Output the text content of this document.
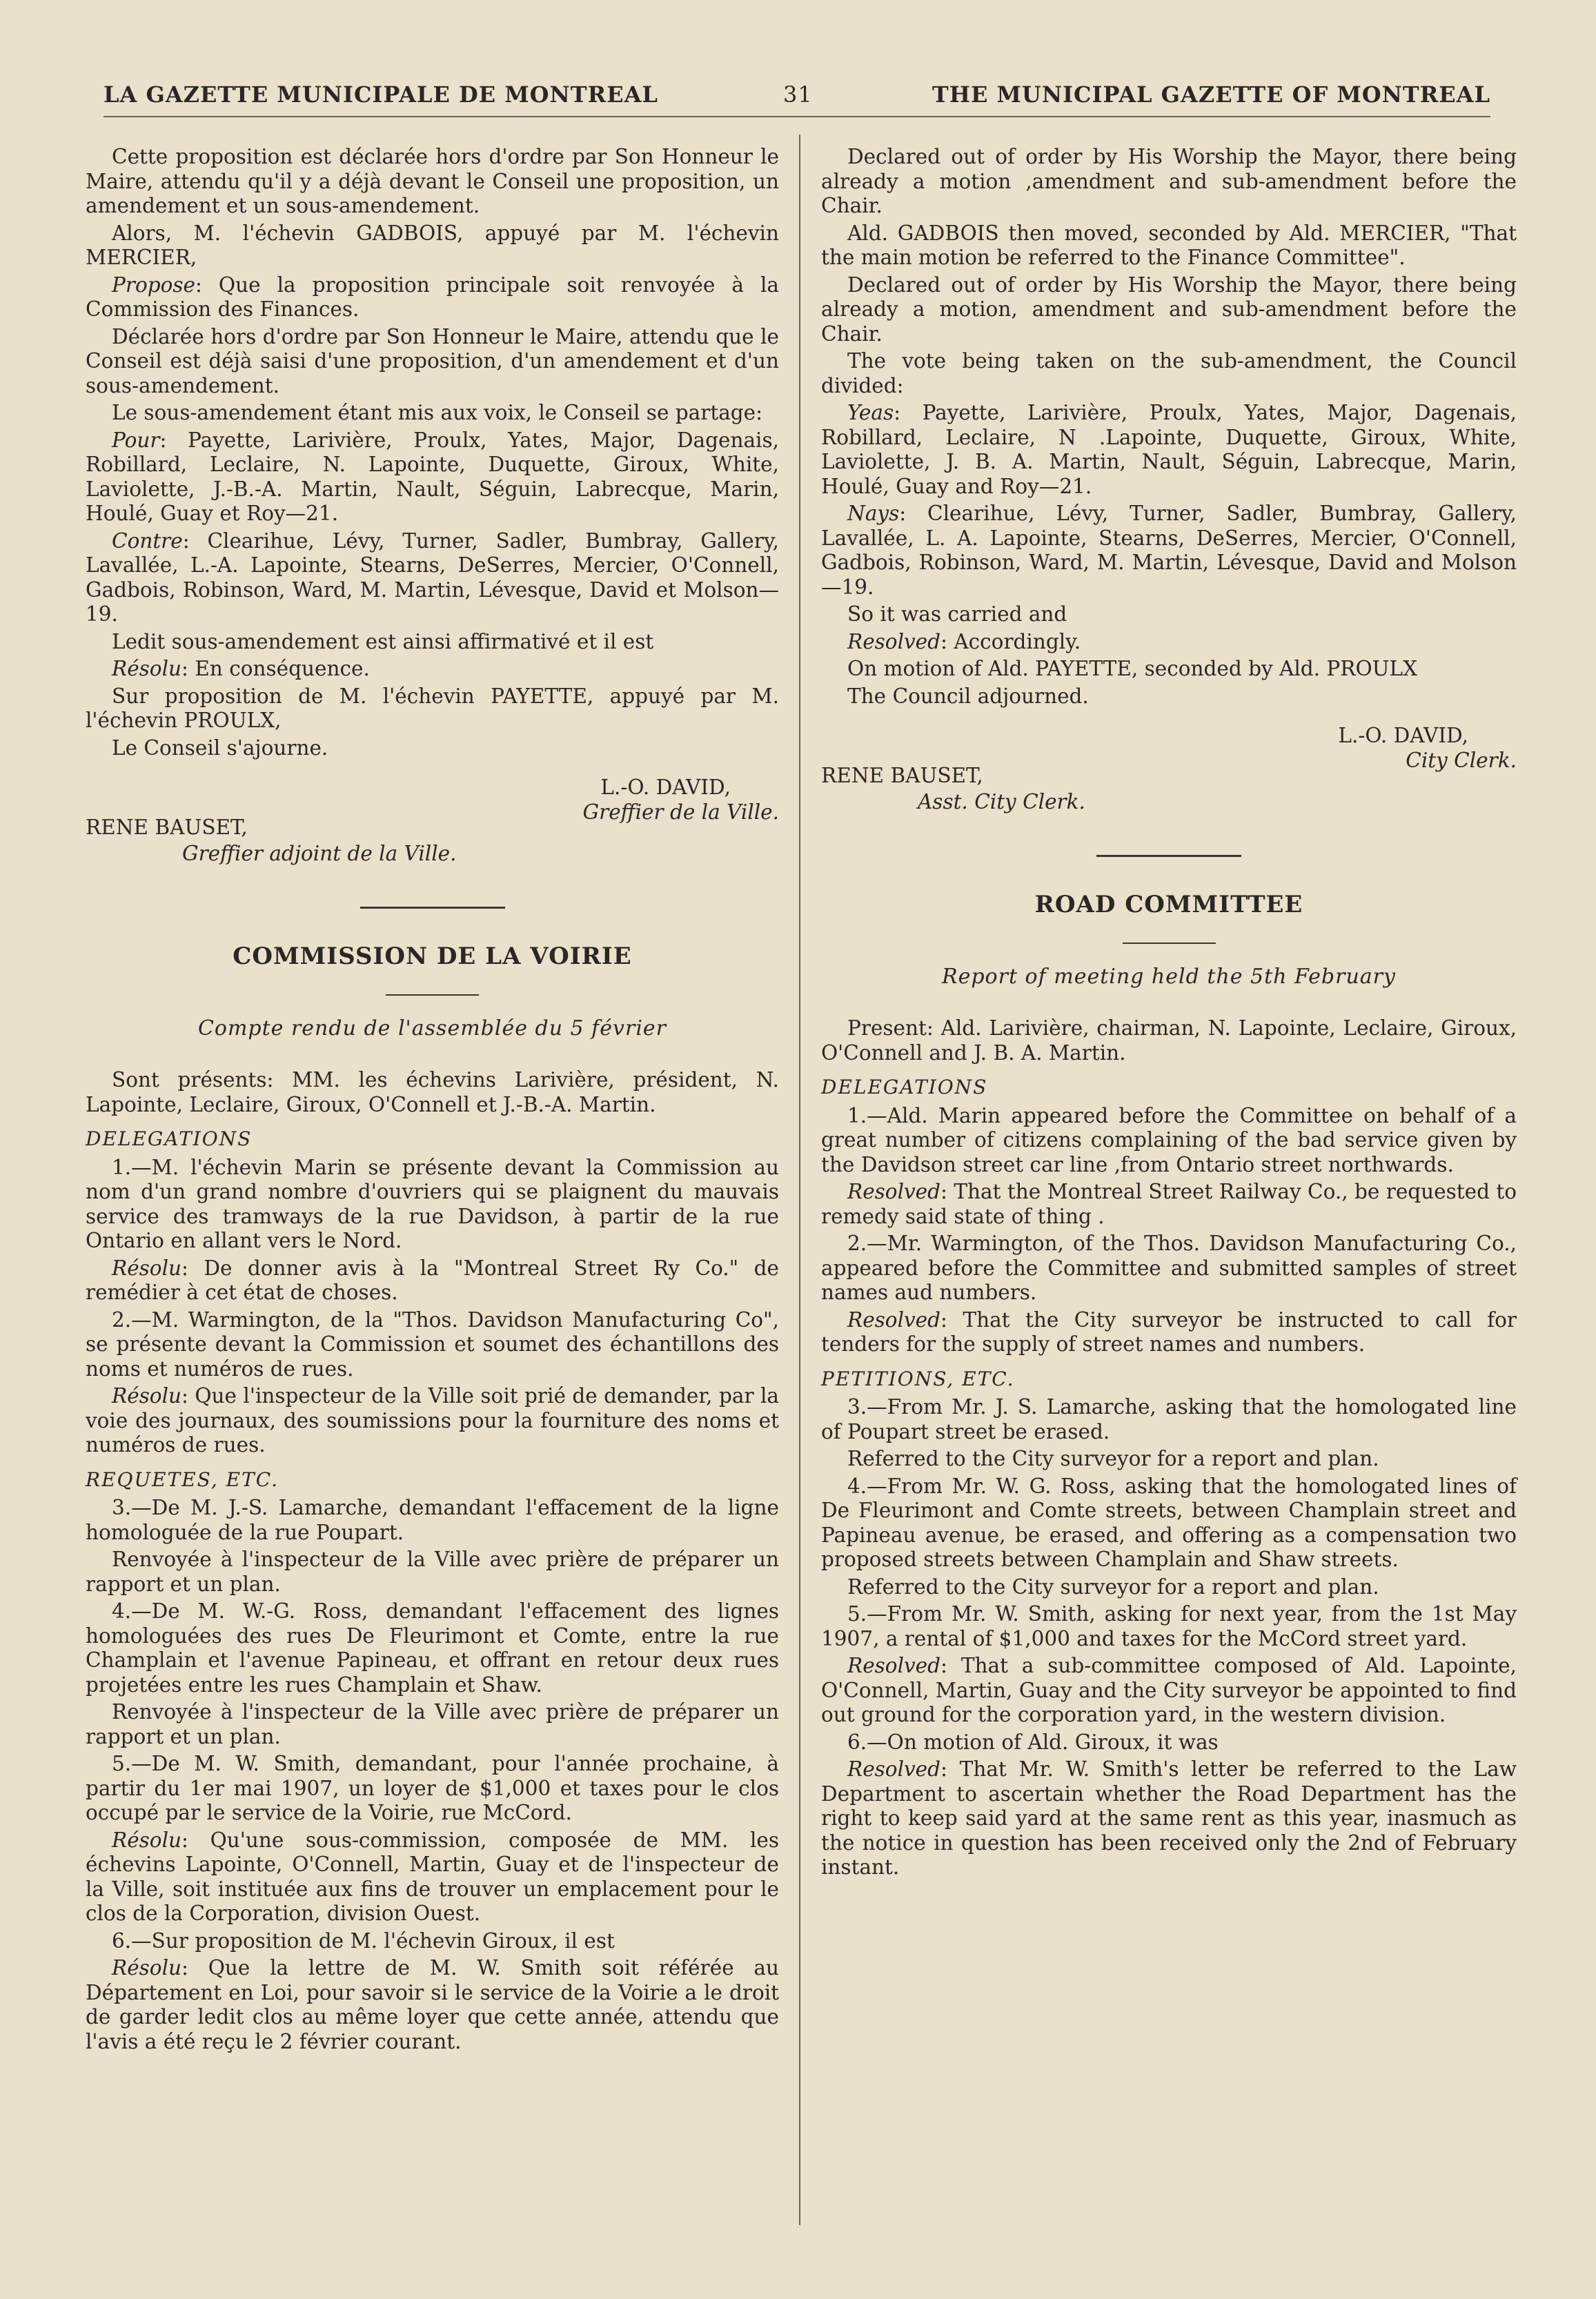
LA GAZETTE MUNICIPALE DE MONTREAL	31	THE MUNICIPAL GAZETTE OF MONTREAL

Cette proposition est déclarée hors d'ordre par Son Honneur le Maire, attendu qu'il y a déjà devant le Conseil une proposition, un amendement et un sous-amendement.

Alors, M. l'échevin GADBOIS, appuyé par M. l'échevin MERCIER,

Propose: Que la proposition principale soit renvoyée à la Commission des Finances.

Déclarée hors d'ordre par Son Honneur le Maire, attendu que le Conseil est déjà saisi d'une proposition, d'un amendement et d'un sous-amendement.

Le sous-amendement étant mis aux voix, le Conseil se partage:

Pour: Payette, Larivière, Proulx, Yates, Major, Dagenais, Robillard, Leclaire, N. Lapointe, Duquette, Giroux, White, Laviolette, J.-B.-A. Martin, Nault, Séguin, Labrecque, Marin, Houlé, Guay et Roy—21.

Contre: Clearihue, Lévy, Turner, Sadler, Bumbray, Gallery, Lavallée, L.-A. Lapointe, Stearns, DeSerres, Mercier, O'Connell, Gadbois, Robinson, Ward, M. Martin, Lévesque, David et Molson—19.

Ledit sous-amendement est ainsi affirmativé et il est

Résolu: En conséquence.

Sur proposition de M. l'échevin PAYETTE, appuyé par M. l'échevin PROULX,

Le Conseil s'ajourne.

L.-O. DAVID,
Greffier de la Ville.
RENE BAUSET,
Greffier adjoint de la Ville.
COMMISSION DE LA VOIRIE
Compte rendu de l'assemblée du 5 février

Sont présents: MM. les échevins Larivière, président, N. Lapointe, Leclaire, Giroux, O'Connell et J.-B.-A. Martin.

DELEGATIONS

1.—M. l'échevin Marin se présente devant la Commission au nom d'un grand nombre d'ouvriers qui se plaignent du mauvais service des tramways de la rue Davidson, à partir de la rue Ontario en allant vers le Nord.

Résolu: De donner avis à la "Montreal Street Ry Co." de remédier à cet état de choses.

2.—M. Warmington, de la "Thos. Davidson Manufacturing Co", se présente devant la Commission et soumet des échantillons des noms et numéros de rues.

Résolu: Que l'inspecteur de la Ville soit prié de demander, par la voie des journaux, des soumissions pour la fourniture des noms et numéros de rues.

REQUETES, ETC.

3.—De M. J.-S. Lamarche, demandant l'effacement de la ligne homologuée de la rue Poupart.

Renvoyée à l'inspecteur de la Ville avec prière de préparer un rapport et un plan.

4.—De M. W.-G. Ross, demandant l'effacement des lignes homologuées des rues De Fleurimont et Comte, entre la rue Champlain et l'avenue Papineau, et offrant en retour deux rues projetées entre les rues Champlain et Shaw.

Renvoyée à l'inspecteur de la Ville avec prière de préparer un rapport et un plan.

5.—De M. W. Smith, demandant, pour l'année prochaine, à partir du 1er mai 1907, un loyer de $1,000 et taxes pour le clos occupé par le service de la Voirie, rue McCord.

Résolu: Qu'une sous-commission, composée de MM. les échevins Lapointe, O'Connell, Martin, Guay et de l'inspecteur de la Ville, soit instituée aux fins de trouver un emplacement pour le clos de la Corporation, division Ouest.

6.—Sur proposition de M. l'échevin Giroux, il est

Résolu: Que la lettre de M. W. Smith soit référée au Département en Loi, pour savoir si le service de la Voirie a le droit de garder ledit clos au même loyer que cette année, attendu que l'avis a été reçu le 2 février courant.

Declared out of order by His Worship the Mayor, there being already a motion ,amendment and sub-amendment before the Chair.

Ald. GADBOIS then moved, seconded by Ald. MERCIER, "That the main motion be referred to the Finance Committee".

Declared out of order by His Worship the Mayor, there being already a motion, amendment and sub-amendment before the Chair.

The vote being taken on the sub-amendment, the Council divided:

Yeas: Payette, Larivière, Proulx, Yates, Major, Dagenais, Robillard, Leclaire, N .Lapointe, Duquette, Giroux, White, Laviolette, J. B. A. Martin, Nault, Séguin, Labrecque, Marin, Houlé, Guay and Roy—21.

Nays: Clearihue, Lévy, Turner, Sadler, Bumbray, Gallery, Lavallée, L. A. Lapointe, Stearns, DeSerres, Mercier, O'Connell, Gadbois, Robinson, Ward, M. Martin, Lévesque, David and Molson—19.

So it was carried and

Resolved: Accordingly.

On motion of Ald. PAYETTE, seconded by Ald. PROULX

The Council adjourned.

L.-O. DAVID,
City Clerk.
RENE BAUSET,
Asst. City Clerk.
ROAD COMMITTEE
Report of meeting held the 5th February

Present: Ald. Larivière, chairman, N. Lapointe, Leclaire, Giroux, O'Connell and J. B. A. Martin.

DELEGATIONS

1.—Ald. Marin appeared before the Committee on behalf of a great number of citizens complaining of the bad service given by the Davidson street car line ,from Ontario street northwards.

Resolved: That the Montreal Street Railway Co., be requested to remedy said state of thing .

2.—Mr. Warmington, of the Thos. Davidson Manufacturing Co., appeared before the Committee and submitted samples of street names aud numbers.

Resolved: That the City surveyor be instructed to call for tenders for the supply of street names and numbers.

PETITIONS, ETC.

3.—From Mr. J. S. Lamarche, asking that the homologated line of Poupart street be erased.

Referred to the City surveyor for a report and plan.

4.—From Mr. W. G. Ross, asking that the homologated lines of De Fleurimont and Comte streets, between Champlain street and Papineau avenue, be erased, and offering as a compensation two proposed streets between Champlain and Shaw streets.

Referred to the City surveyor for a report and plan.

5.—From Mr. W. Smith, asking for next year, from the 1st May 1907, a rental of $1,000 and taxes for the McCord street yard.

Resolved: That a sub-committee composed of Ald. Lapointe, O'Connell, Martin, Guay and the City surveyor be appointed to find out ground for the corporation yard, in the western division.

6.—On motion of Ald. Giroux, it was

Resolved: That Mr. W. Smith's letter be referred to the Law Department to ascertain whether the Road Department has the right to keep said yard at the same rent as this year, inasmuch as the notice in question has been received only the 2nd of February instant.
